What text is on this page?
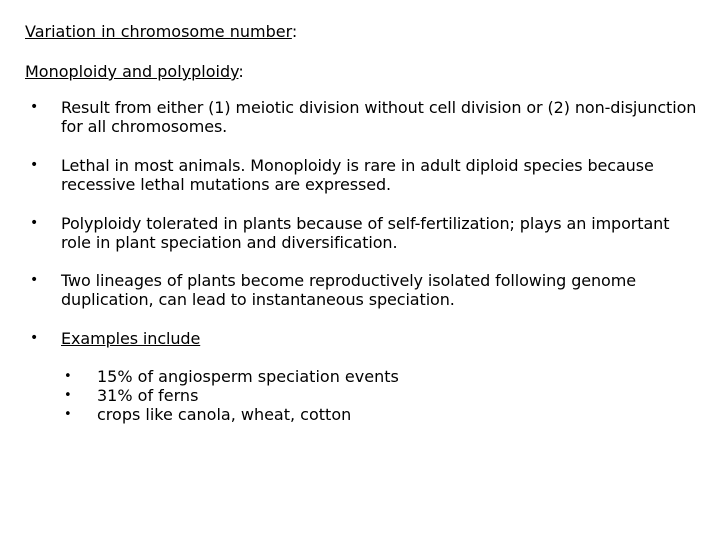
Variation in chromosome number:
Monoploidy and polyploidy:
• Result from either (1) meiotic division without cell division or (2) non-disjunction for all chromosomes.
• Lethal in most animals. Monoploidy is rare in adult diploid species because recessive lethal mutations are expressed.
• Polyploidy tolerated in plants because of self-fertilization; plays an important role in plant speciation and diversification.
• Two lineages of plants become reproductively isolated following genome duplication, can lead to instantaneous speciation.
• Examples include
• 15% of angiosperm speciation events
• 31% of ferns
• crops like canola, wheat, cotton
